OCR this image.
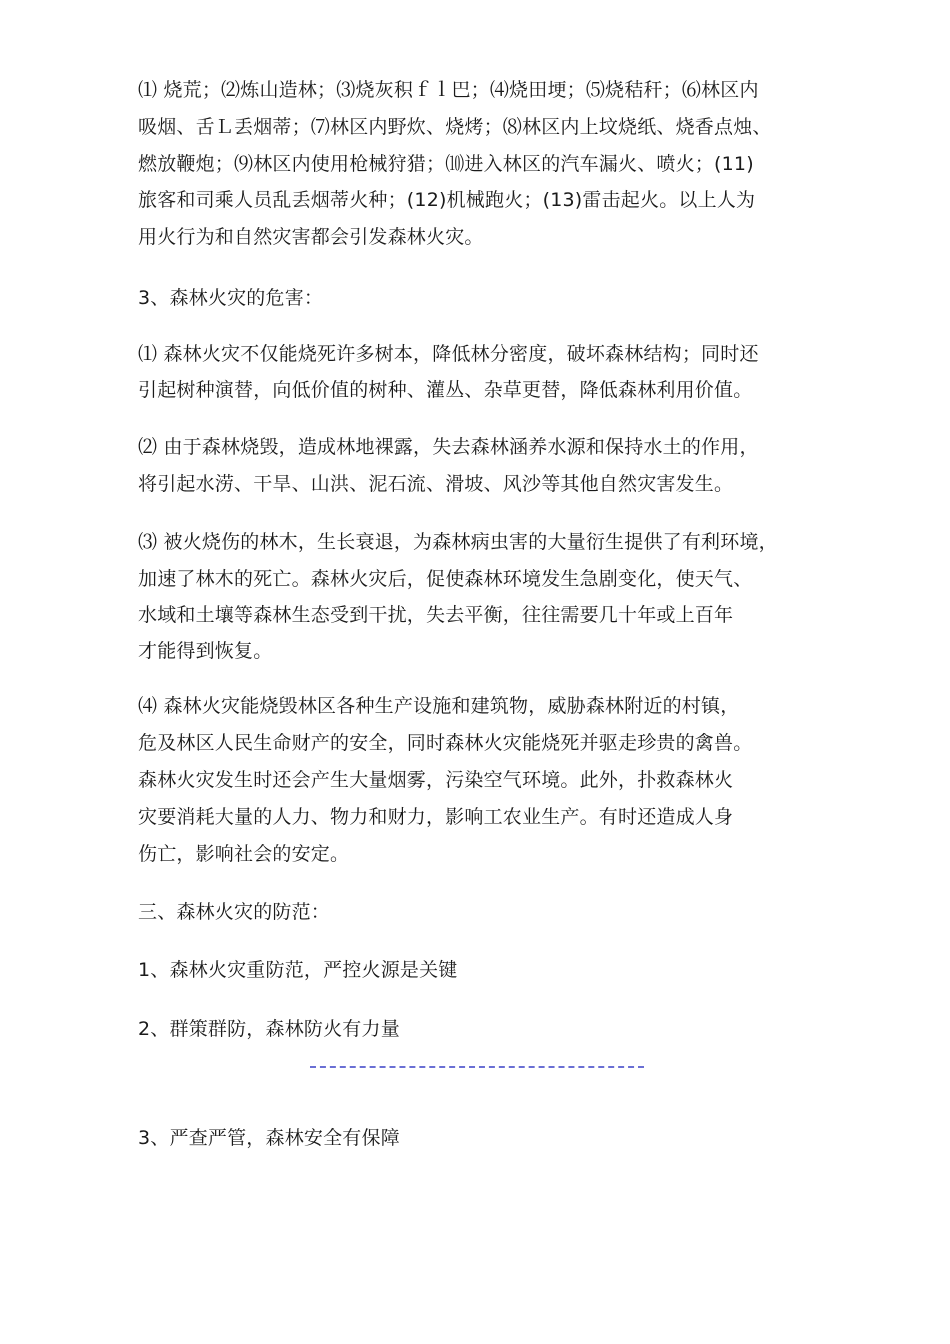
⑴ 烧荒；⑵炼山造林；⑶烧灰积ｆｌ巴；⑷烧田埂；⑸烧秸秆；⑹林区内
吸烟、舌Ｌ丢烟蒂；⑺林区内野炊、烧烤；⑻林区内上坟烧纸、烧香点烛、
燃放鞭炮；⑼林区内使用枪械狩猎；⑽进入林区的汽车漏火、喷火；(11)
旅客和司乘人员乱丢烟蒂火种；(12)机械跑火；(13)雷击起火。以上人为
用火行为和自然灾害都会引发森林火灾。
3、森林火灾的危害：
⑴ 森林火灾不仅能烧死许多树本，降低林分密度，破坏森林结构；同时还
引起树种演替，向低价值的树种、灌丛、杂草更替，降低森林利用价值。
⑵ 由于森林烧毁，造成林地裸露，失去森林涵养水源和保持水土的作用，
将引起水涝、干旱、山洪、泥石流、滑坡、风沙等其他自然灾害发生。
⑶ 被火烧伤的林木，生长衰退，为森林病虫害的大量衍生提供了有利环境，
加速了林木的死亡。森林火灾后，促使森林环境发生急剧变化，使天气、
水域和土壤等森林生态受到干扰，失去平衡，往往需要几十年或上百年
才能得到恢复。
⑷ 森林火灾能烧毁林区各种生产设施和建筑物，威胁森林附近的村镇，
危及林区人民生命财产的安全，同时森林火灾能烧死并驱走珍贵的禽兽。
森林火灾发生时还会产生大量烟雾，污染空气环境。此外，扑救森林火
灾要消耗大量的人力、物力和财力，影响工农业生产。有时还造成人身
伤亡，影响社会的安定。
三、森林火灾的防范：
1、森林火灾重防范，严控火源是关键
2、群策群防，森林防火有力量
3、严查严管，森林安全有保障
